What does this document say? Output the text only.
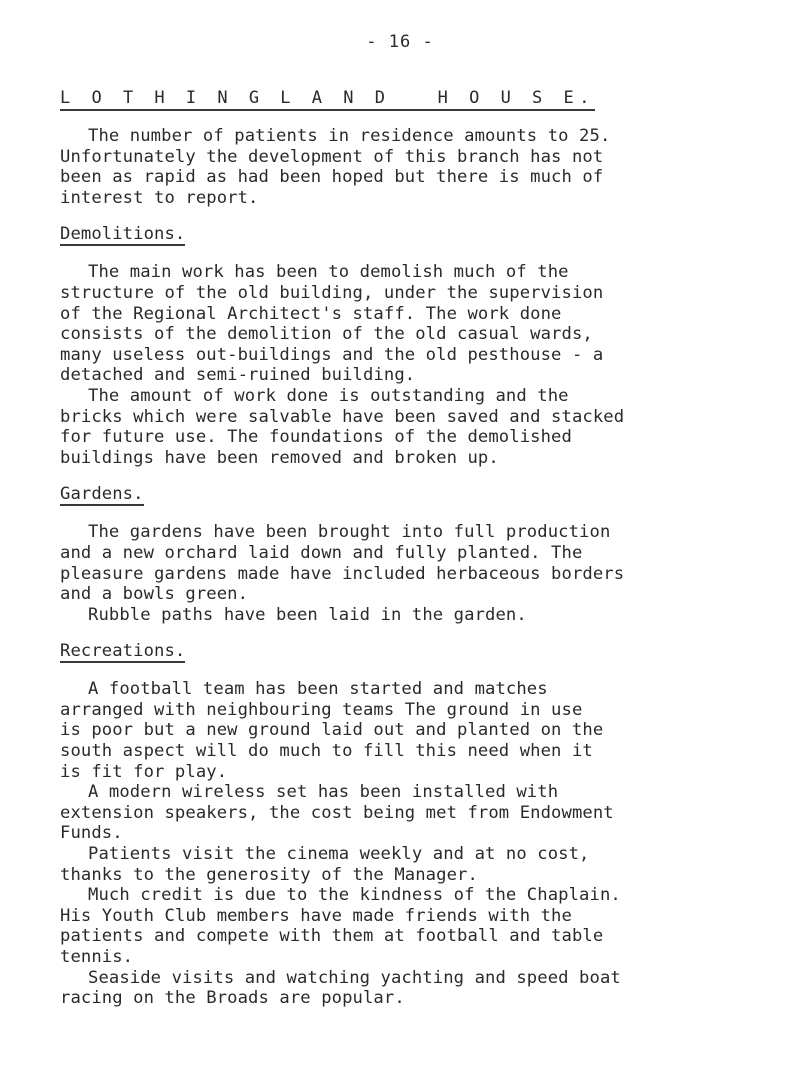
- 16 -
L O T H I N G L A N D   H O U S E.
The number of patients in residence amounts to 25.
Unfortunately the development of this branch has not
been as rapid as had been hoped but there is much of
interest to report.
Demolitions.
The main work has been to demolish much of the
structure of the old building, under the supervision
of the Regional Architect's staff. The work done
consists of the demolition of the old casual wards,
many useless out-buildings and the old pesthouse - a
detached and semi-ruined building.
The amount of work done is outstanding and the
bricks which were salvable have been saved and stacked
for future use. The foundations of the demolished
buildings have been removed and broken up.
Gardens.
The gardens have been brought into full production
and a new orchard laid down and fully planted. The
pleasure gardens made have included herbaceous borders
and a bowls green.
Rubble paths have been laid in the garden.
Recreations.
A football team has been started and matches
arranged with neighbouring teams The ground in use
is poor but a new ground laid out and planted on the
south aspect will do much to fill this need when it
is fit for play.
A modern wireless set has been installed with
extension speakers, the cost being met from Endowment
Funds.
Patients visit the cinema weekly and at no cost,
thanks to the generosity of the Manager.
Much credit is due to the kindness of the Chaplain.
His Youth Club members have made friends with the
patients and compete with them at football and table
tennis.
Seaside visits and watching yachting and speed boat
racing on the Broads are popular.
